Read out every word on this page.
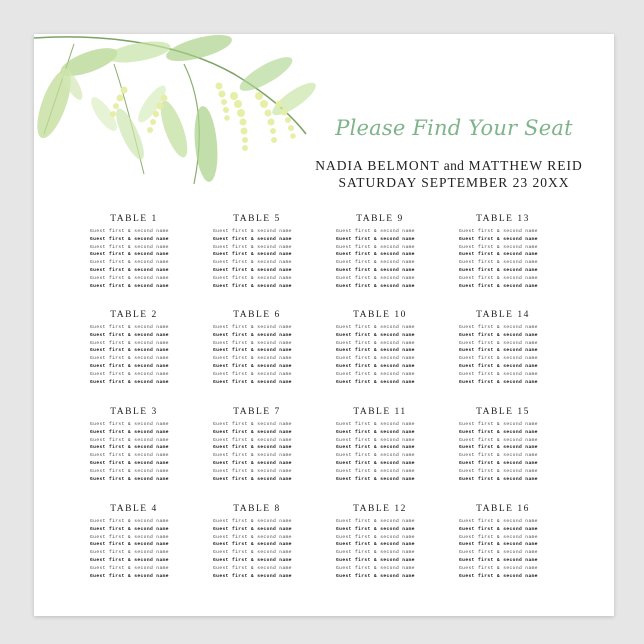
Please Find Your Seat
NADIA BELMONT and MATTHEW REID
SATURDAY SEPTEMBER 23 20XX
TABLE 1
Guest first & second name
Guest first & second name
Guest first & second name
Guest first & second name
Guest first & second name
Guest first & second name
Guest first & second name
Guest first & second name
TABLE 2
Guest first & second name
Guest first & second name
Guest first & second name
Guest first & second name
Guest first & second name
Guest first & second name
Guest first & second name
Guest first & second name
TABLE 3
Guest first & second name
Guest first & second name
Guest first & second name
Guest first & second name
Guest first & second name
Guest first & second name
Guest first & second name
Guest first & second name
TABLE 4
Guest first & second name
Guest first & second name
Guest first & second name
Guest first & second name
Guest first & second name
Guest first & second name
Guest first & second name
Guest first & second name
TABLE 5
Guest first & second name
Guest first & second name
Guest first & second name
Guest first & second name
Guest first & second name
Guest first & second name
Guest first & second name
Guest first & second name
TABLE 6
Guest first & second name
Guest first & second name
Guest first & second name
Guest first & second name
Guest first & second name
Guest first & second name
Guest first & second name
Guest first & second name
TABLE 7
Guest first & second name
Guest first & second name
Guest first & second name
Guest first & second name
Guest first & second name
Guest first & second name
Guest first & second name
Guest first & second name
TABLE 8
Guest first & second name
Guest first & second name
Guest first & second name
Guest first & second name
Guest first & second name
Guest first & second name
Guest first & second name
Guest first & second name
TABLE 9
Guest first & second name
Guest first & second name
Guest first & second name
Guest first & second name
Guest first & second name
Guest first & second name
Guest first & second name
Guest first & second name
TABLE 10
Guest first & second name
Guest first & second name
Guest first & second name
Guest first & second name
Guest first & second name
Guest first & second name
Guest first & second name
Guest first & second name
TABLE 11
Guest first & second name
Guest first & second name
Guest first & second name
Guest first & second name
Guest first & second name
Guest first & second name
Guest first & second name
Guest first & second name
TABLE 12
Guest first & second name
Guest first & second name
Guest first & second name
Guest first & second name
Guest first & second name
Guest first & second name
Guest first & second name
Guest first & second name
TABLE 13
Guest first & second name
Guest first & second name
Guest first & second name
Guest first & second name
Guest first & second name
Guest first & second name
Guest first & second name
Guest first & second name
TABLE 14
Guest first & second name
Guest first & second name
Guest first & second name
Guest first & second name
Guest first & second name
Guest first & second name
Guest first & second name
Guest first & second name
TABLE 15
Guest first & second name
Guest first & second name
Guest first & second name
Guest first & second name
Guest first & second name
Guest first & second name
Guest first & second name
Guest first & second name
TABLE 16
Guest first & second name
Guest first & second name
Guest first & second name
Guest first & second name
Guest first & second name
Guest first & second name
Guest first & second name
Guest first & second name
